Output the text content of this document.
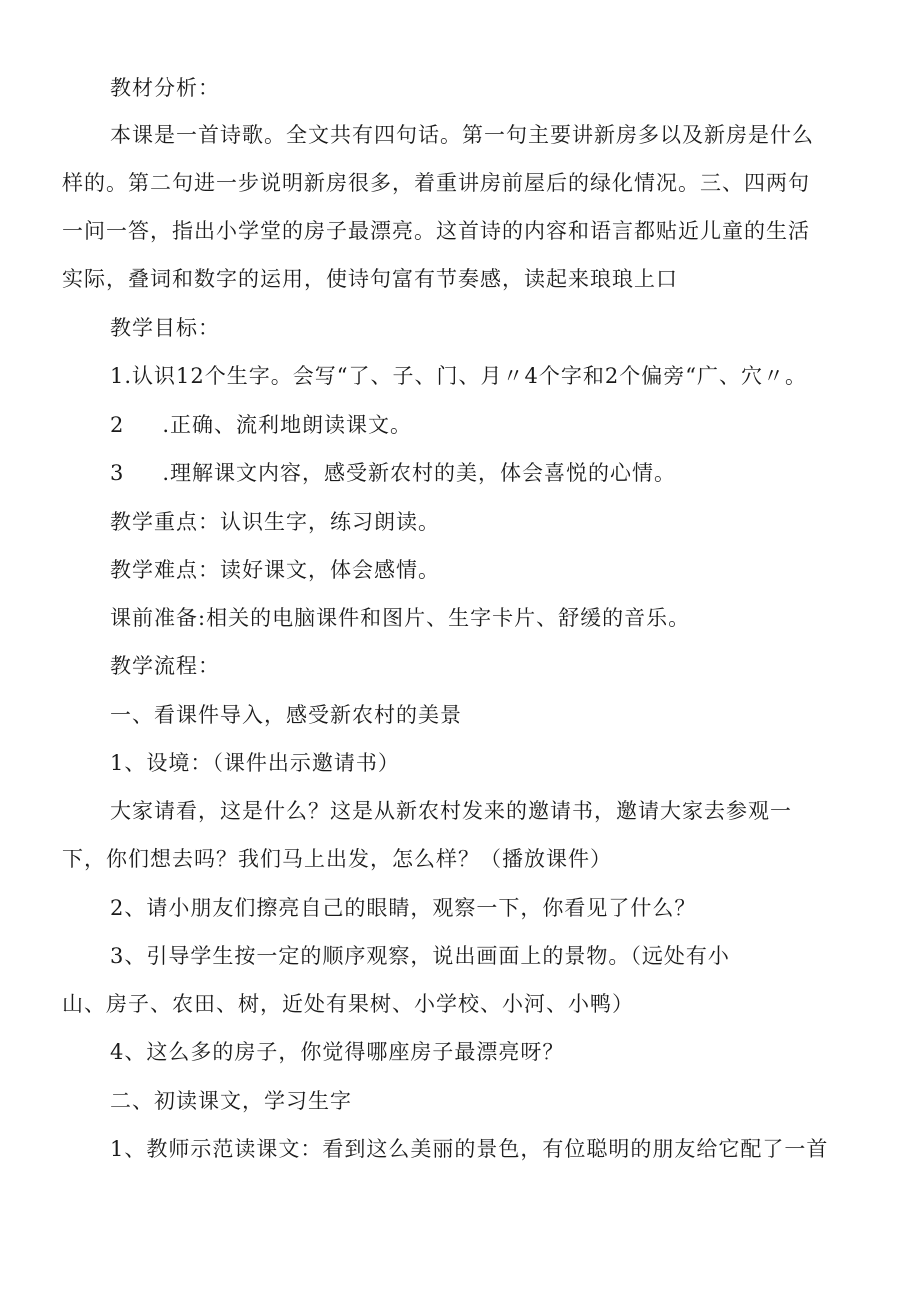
教材分析：
本课是一首诗歌。全文共有四句话。第一句主要讲新房多以及新房是什么
样的。第二句进一步说明新房很多，着重讲房前屋后的绿化情况。三、四两句
一问一答，指出小学堂的房子最漂亮。这首诗的内容和语言都贴近儿童的生活
实际，叠词和数字的运用，使诗句富有节奏感，读起来琅琅上口
教学目标：
1.认识12个生字。会写“了、子、门、月〃4个字和2个偏旁“广、穴〃。
2 .正确、流利地朗读课文。
3 .理解课文内容，感受新农村的美，体会喜悦的心情。
教学重点：认识生字，练习朗读。
教学难点：读好课文，体会感情。
课前准备:相关的电脑课件和图片、生字卡片、舒缓的音乐。
教学流程：
一、看课件导入，感受新农村的美景
1、设境：（课件出示邀请书）
大家请看，这是什么？这是从新农村发来的邀请书，邀请大家去参观一
下，你们想去吗？我们马上出发，怎么样？（播放课件）
2、请小朋友们擦亮自己的眼睛，观察一下，你看见了什么？
3、引导学生按一定的顺序观察，说出画面上的景物。（远处有小
山、房子、农田、树，近处有果树、小学校、小河、小鸭）
4、这么多的房子，你觉得哪座房子最漂亮呀？
二、初读课文，学习生字
1、教师示范读课文：看到这么美丽的景色，有位聪明的朋友给它配了一首
